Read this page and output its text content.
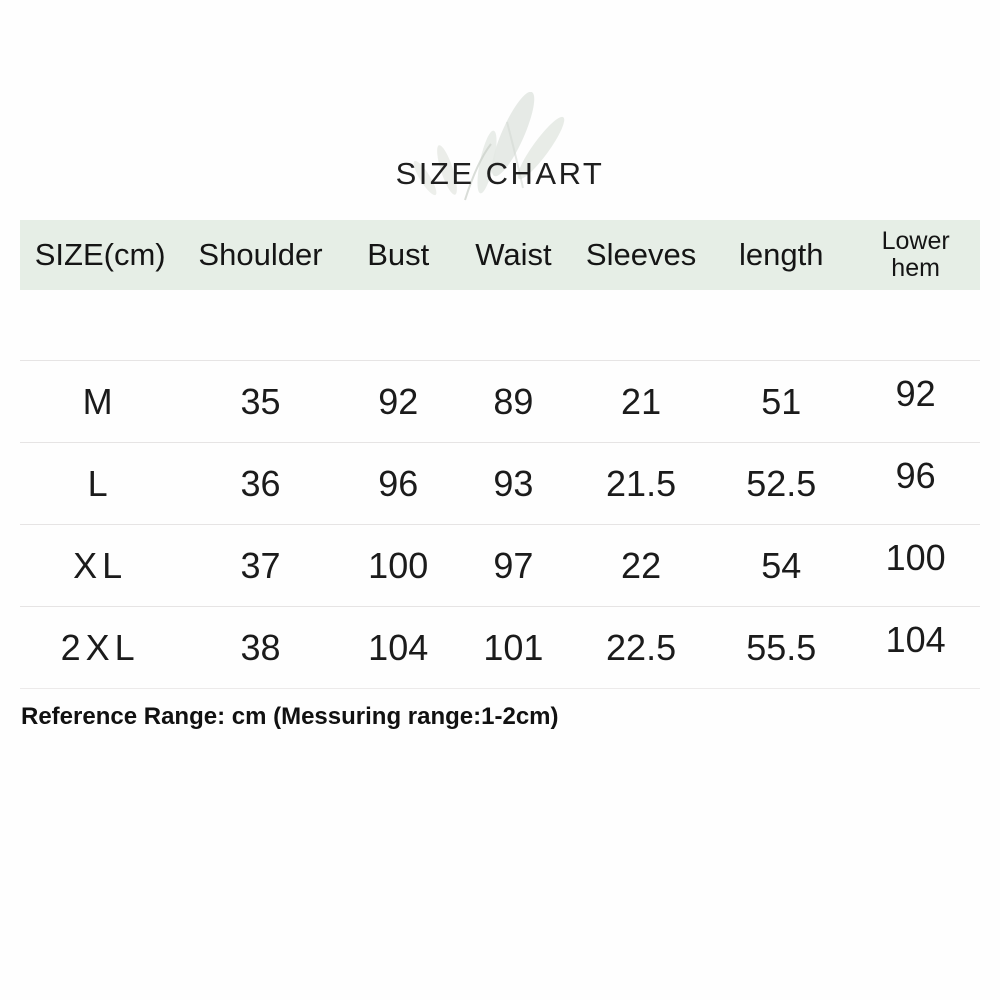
SIZE CHART
SIZE(cm)	Shoulder	Bust	Waist	Sleeves	length	Lower hem
M	35	92	89	21	51	92
L	36	96	93	21.5	52.5	96
XL	37	100	97	22	54	100
2XL	38	104	101	22.5	55.5	104
Reference Range: cm (Messuring range:1-2cm)
